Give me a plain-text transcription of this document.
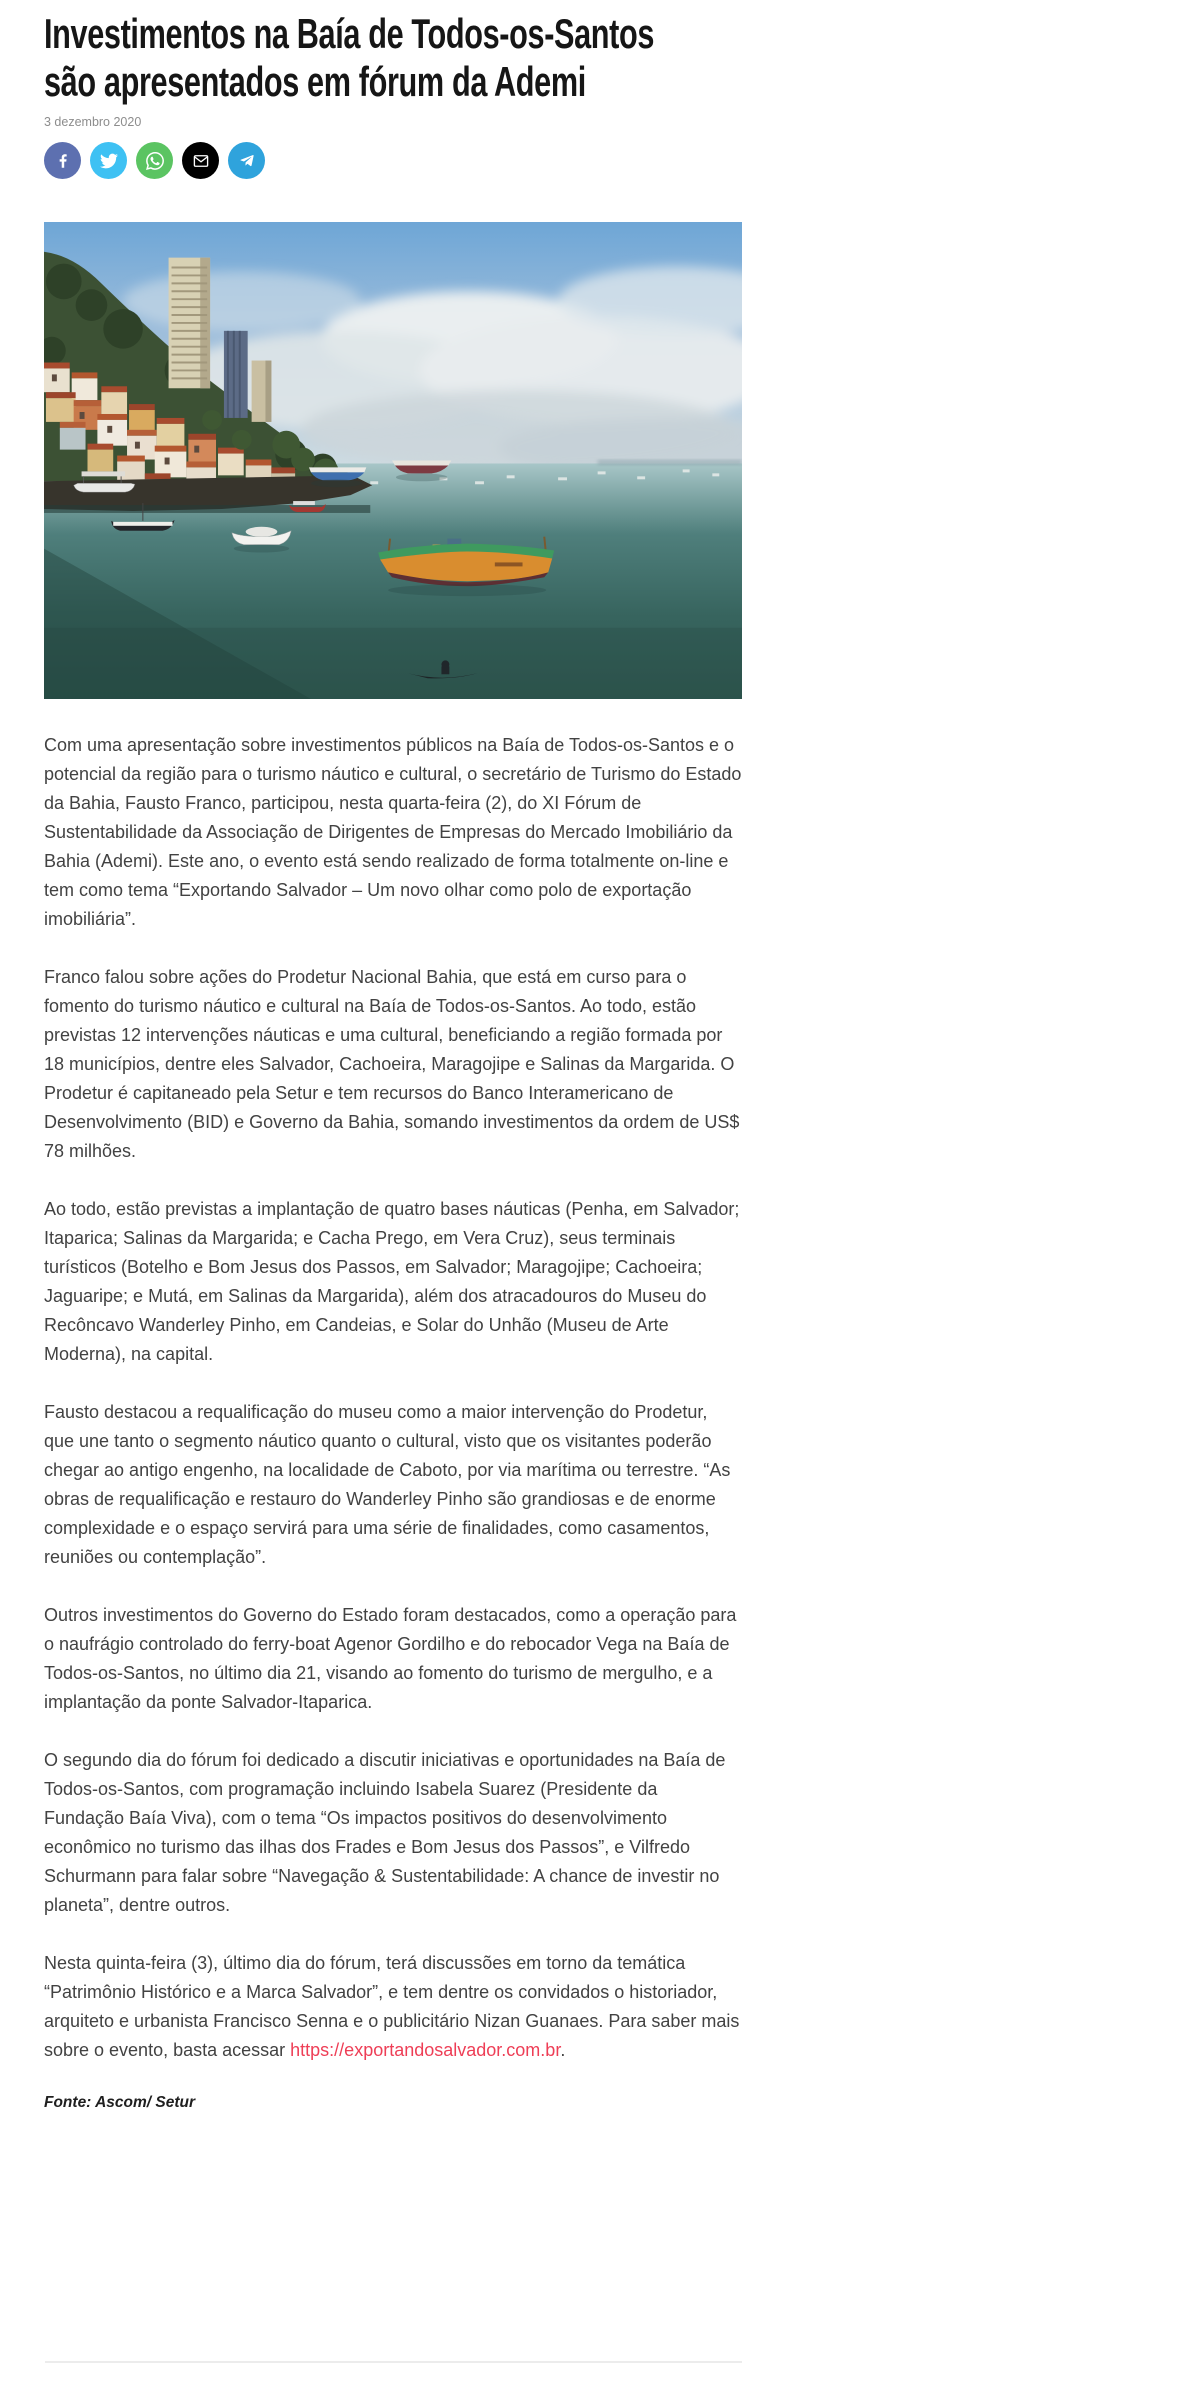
Investimentos na Baía de Todos-os-Santos
são apresentados em fórum da Ademi
3 dezembro 2020

Com uma apresentação sobre investimentos públicos na Baía de Todos-os-Santos e o potencial da região para o turismo náutico e cultural, o secretário de Turismo do Estado da Bahia, Fausto Franco, participou, nesta quarta-feira (2), do XI Fórum de Sustentabilidade da Associação de Dirigentes de Empresas do Mercado Imobiliário da Bahia (Ademi). Este ano, o evento está sendo realizado de forma totalmente on-line e tem como tema “Exportando Salvador – Um novo olhar como polo de exportação imobiliária”.

Franco falou sobre ações do Prodetur Nacional Bahia, que está em curso para o fomento do turismo náutico e cultural na Baía de Todos-os-Santos. Ao todo, estão previstas 12 intervenções náuticas e uma cultural, beneficiando a região formada por 18 municípios, dentre eles Salvador, Cachoeira, Maragojipe e Salinas da Margarida. O Prodetur é capitaneado pela Setur e tem recursos do Banco Interamericano de Desenvolvimento (BID) e Governo da Bahia, somando investimentos da ordem de US$ 78 milhões.

Ao todo, estão previstas a implantação de quatro bases náuticas (Penha, em Salvador; Itaparica; Salinas da Margarida; e Cacha Prego, em Vera Cruz), seus terminais turísticos (Botelho e Bom Jesus dos Passos, em Salvador; Maragojipe; Cachoeira; Jaguaripe; e Mutá, em Salinas da Margarida), além dos atracadouros do Museu do Recôncavo Wanderley Pinho, em Candeias, e Solar do Unhão (Museu de Arte Moderna), na capital.

Fausto destacou a requalificação do museu como a maior intervenção do Prodetur, que une tanto o segmento náutico quanto o cultural, visto que os visitantes poderão chegar ao antigo engenho, na localidade de Caboto, por via marítima ou terrestre. “As obras de requalificação e restauro do Wanderley Pinho são grandiosas e de enorme complexidade e o espaço servirá para uma série de finalidades, como casamentos, reuniões ou contemplação”.

Outros investimentos do Governo do Estado foram destacados, como a operação para o naufrágio controlado do ferry-boat Agenor Gordilho e do rebocador Vega na Baía de Todos-os-Santos, no último dia 21, visando ao fomento do turismo de mergulho, e a implantação da ponte Salvador-Itaparica.

O segundo dia do fórum foi dedicado a discutir iniciativas e oportunidades na Baía de Todos-os-Santos, com programação incluindo Isabela Suarez (Presidente da Fundação Baía Viva), com o tema “Os impactos positivos do desenvolvimento econômico no turismo das ilhas dos Frades e Bom Jesus dos Passos”, e Vilfredo Schurmann para falar sobre “Navegação & Sustentabilidade: A chance de investir no planeta”, dentre outros.

Nesta quinta-feira (3), último dia do fórum, terá discussões em torno da temática “Patrimônio Histórico e a Marca Salvador”, e tem dentre os convidados o historiador, arquiteto e urbanista Francisco Senna e o publicitário Nizan Guanaes. Para saber mais sobre o evento, basta acessar https://exportandosalvador.com.br.

Fonte: Ascom/ Setur
